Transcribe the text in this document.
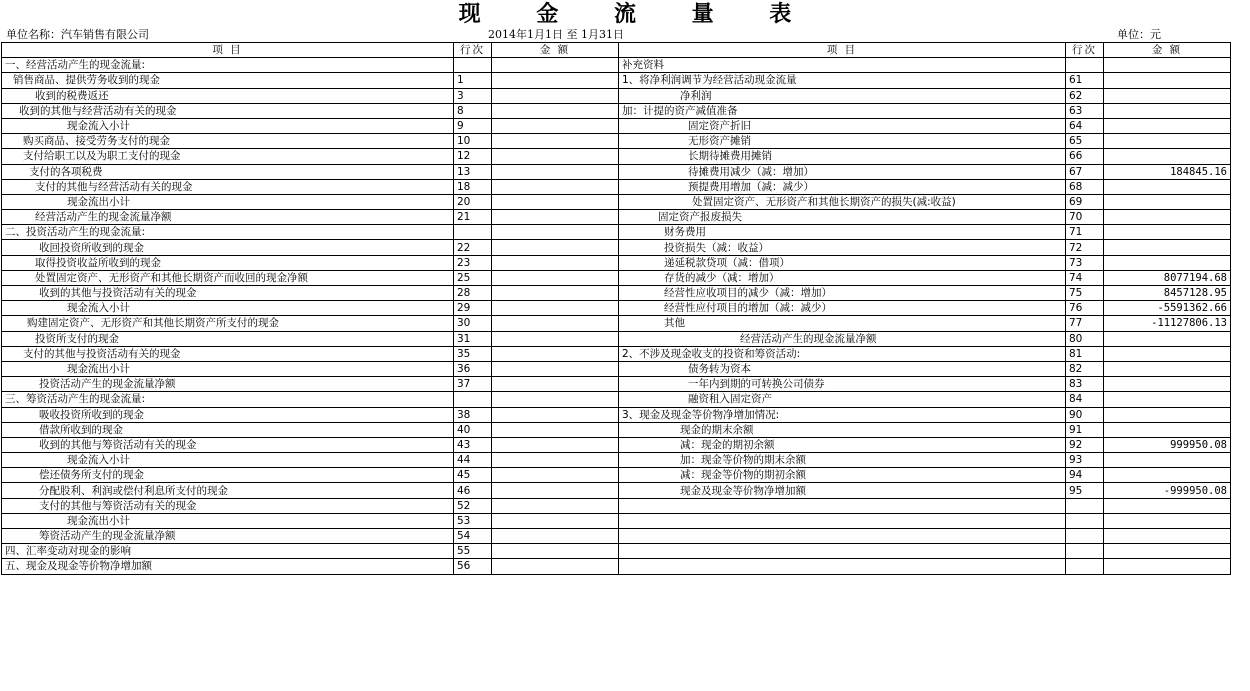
现 金 流 量 表
单位名称：汽车销售有限公司	2014年1月1日 至 1月31日	单位：元
项 目	行次	金 额	项 目	行次	金 额
一、经营活动产生的现金流量:			补充资料		
销售商品、提供劳务收到的现金	1		1、将净利润调节为经营活动现金流量	61	
收到的税费返还	3		净利润	62	
收到的其他与经营活动有关的现金	8		加：计提的资产减值准备	63	
现金流入小计	9		固定资产折旧	64	
购买商品、接受劳务支付的现金	10		无形资产摊销	65	
支付给职工以及为职工支付的现金	12		长期待摊费用摊销	66	
支付的各项税费	13		待摊费用减少（减：增加）	67	184845.16
支付的其他与经营活动有关的现金	18		预提费用增加（减：减少）	68	
现金流出小计	20		处置固定资产、无形资产和其他长期资产的损失(减:收益)	69	
经营活动产生的现金流量净额	21		固定资产报废损失	70	
二、投资活动产生的现金流量:			财务费用	71	
收回投资所收到的现金	22		投资损失（减：收益）	72	
取得投资收益所收到的现金	23		递延税款贷项（减：借项）	73	
处置固定资产、无形资产和其他长期资产而收回的现金净额	25		存货的减少（减：增加）	74	8077194.68
收到的其他与投资活动有关的现金	28		经营性应收项目的减少（减：增加）	75	8457128.95
现金流入小计	29		经营性应付项目的增加（减：减少）	76	-5591362.66
购建固定资产、无形资产和其他长期资产所支付的现金	30		其他	77	-11127806.13
投资所支付的现金	31		经营活动产生的现金流量净额	80	
支付的其他与投资活动有关的现金	35		2、不涉及现金收支的投资和筹资活动:	81	
现金流出小计	36		债务转为资本	82	
投资活动产生的现金流量净额	37		一年内到期的可转换公司债券	83	
三、筹资活动产生的现金流量:			融资租入固定资产	84	
吸收投资所收到的现金	38		3、现金及现金等价物净增加情况:	90	
借款所收到的现金	40		现金的期末余额	91	
收到的其他与筹资活动有关的现金	43		减：现金的期初余额	92	999950.08
现金流入小计	44		加：现金等价物的期末余额	93	
偿还债务所支付的现金	45		减：现金等价物的期初余额	94	
分配股利、利润或偿付利息所支付的现金	46		现金及现金等价物净增加额	95	-999950.08
支付的其他与筹资活动有关的现金	52				
现金流出小计	53				
筹资活动产生的现金流量净额	54				
四、汇率变动对现金的影响	55				
五、现金及现金等价物净增加额	56				
